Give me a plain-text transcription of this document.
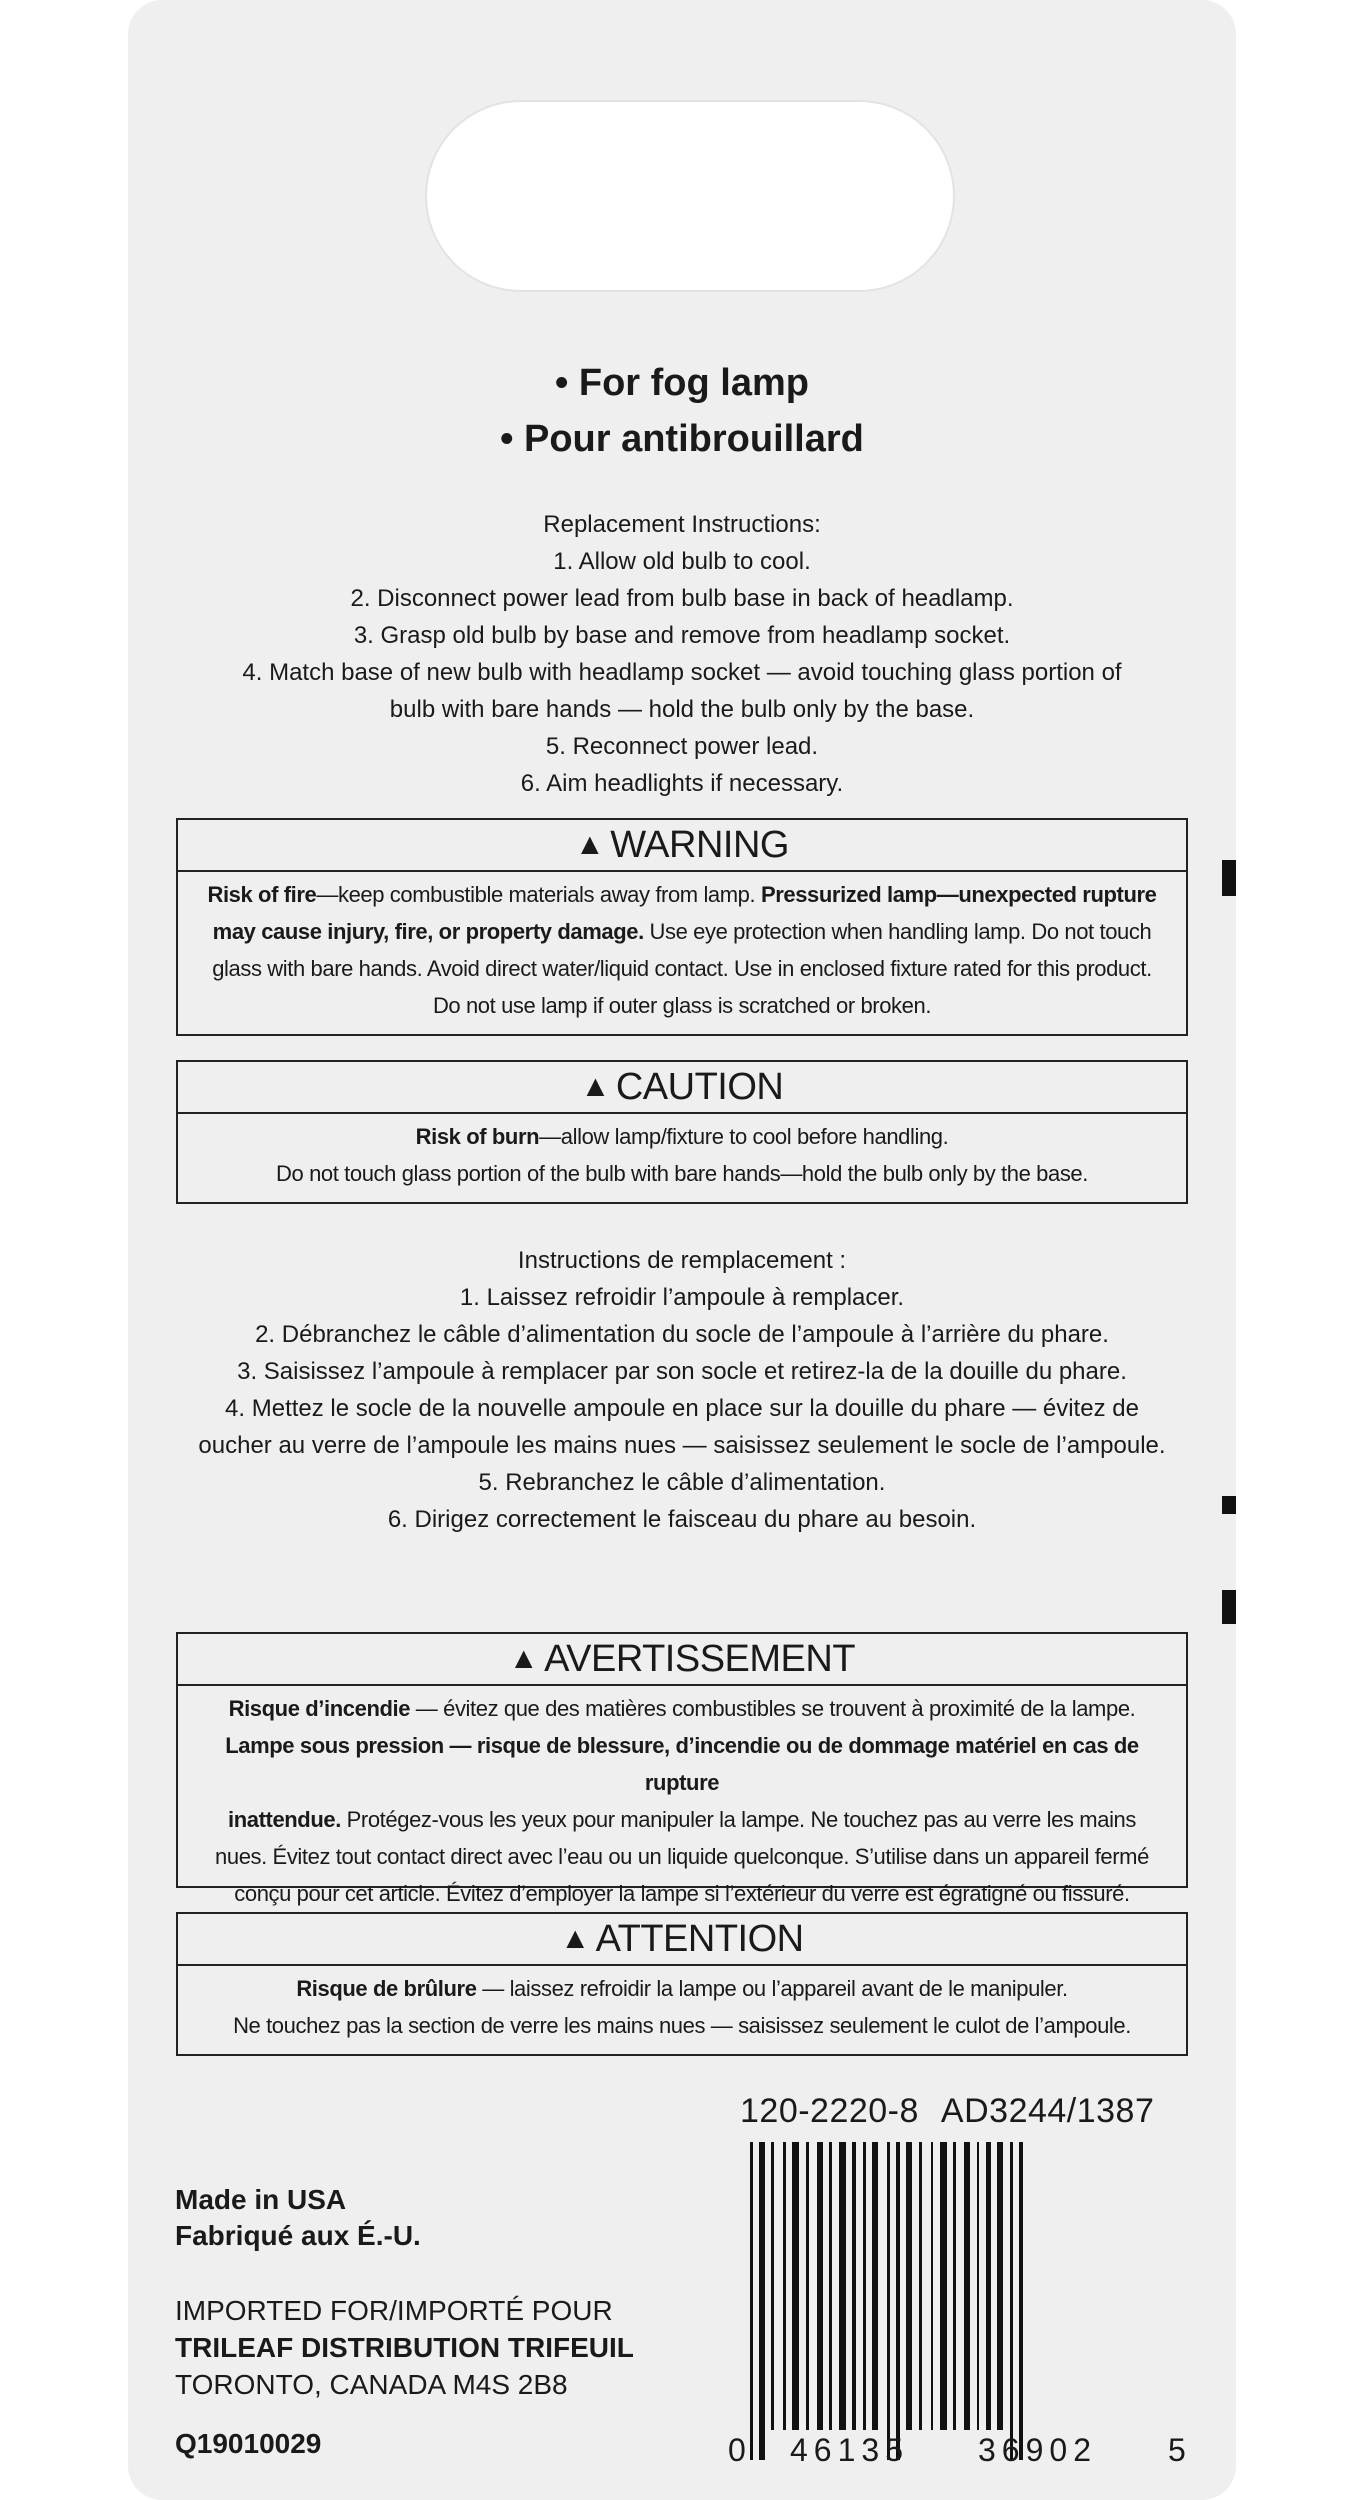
• For fog lamp
• Pour antibrouillard

Replacement Instructions:

1. Allow old bulb to cool.

2. Disconnect power lead from bulb base in back of headlamp.

3. Grasp old bulb by base and remove from headlamp socket.

4. Match base of new bulb with headlamp socket — avoid touching glass portion of

bulb with bare hands — hold the bulb only by the base.

5. Reconnect power lead.

6. Aim headlights if necessary.

▲ WARNING

Risk of fire—keep combustible materials away from lamp. Pressurized lamp—unexpected rupture

may cause injury, fire, or property damage. Use eye protection when handling lamp. Do not touch

glass with bare hands. Avoid direct water/liquid contact. Use in enclosed fixture rated for this product.

Do not use lamp if outer glass is scratched or broken.

▲ CAUTION

Risk of burn—allow lamp/fixture to cool before handling.

Do not touch glass portion of the bulb with bare hands—hold the bulb only by the base.

Instructions de remplacement :

1. Laissez refroidir l’ampoule à remplacer.

2. Débranchez le câble d’alimentation du socle de l’ampoule à l’arrière du phare.

3. Saisissez l’ampoule à remplacer par son socle et retirez-la de la douille du phare.

4. Mettez le socle de la nouvelle ampoule en place sur la douille du phare — évitez de

oucher au verre de l’ampoule les mains nues — saisissez seulement le socle de l’ampoule.

5. Rebranchez le câble d’alimentation.

6. Dirigez correctement le faisceau du phare au besoin.

▲ AVERTISSEMENT

Risque d’incendie — évitez que des matières combustibles se trouvent à proximité de la lampe.

Lampe sous pression — risque de blessure, d’incendie ou de dommage matériel en cas de rupture

inattendue. Protégez-vous les yeux pour manipuler la lampe. Ne touchez pas au verre les mains

nues. Évitez tout contact direct avec l’eau ou un liquide quelconque. S’utilise dans un appareil fermé

conçu pour cet article. Évitez d’employer la lampe si l’extérieur du verre est égratigné ou fissuré.

▲ ATTENTION

Risque de brûlure — laissez refroidir la lampe ou l’appareil avant de le manipuler.

Ne touchez pas la section de verre les mains nues — saisissez seulement le culot de l’ampoule.

120-2220-8 AD3244/1387
0 46135 36902 5

Made in USA

Fabriqué aux É.-U.

IMPORTED FOR/IMPORTÉ POUR

TRILEAF DISTRIBUTION TRIFEUIL

TORONTO, CANADA M4S 2B8

Q19010029
